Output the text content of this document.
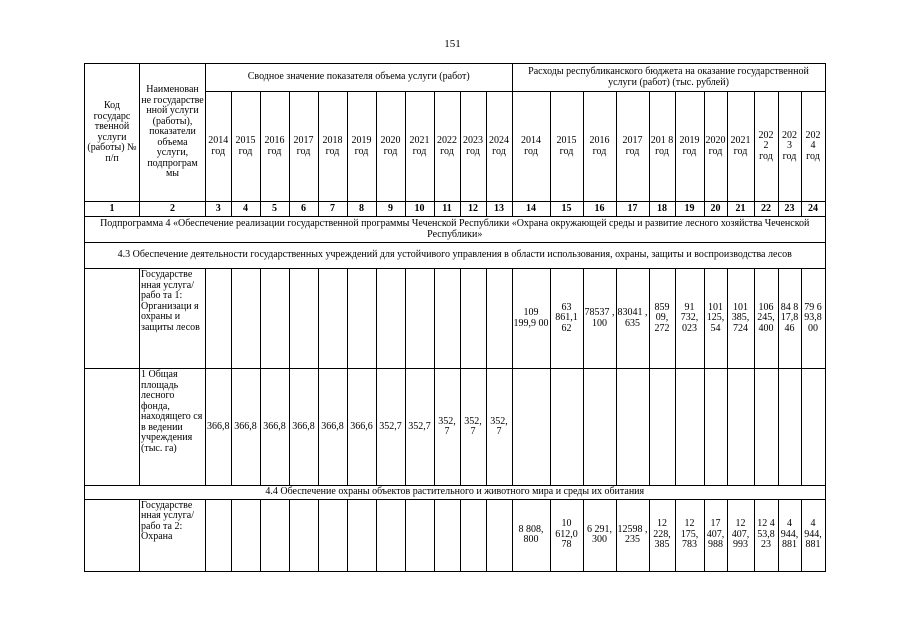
151
Код государс твенной услуги (работы) № п/п	Наименован не государстве нной услуги (работы), показатели объема услуги, подпрограм мы	Сводное значение показателя объема услуги (работ)											Расходы республиканского бюджета на оказание государственной услуги (работ) (тыс. рублей)										
		2014 год	2015 год	2016 год	2017 год	2018 год	2019 год	2020 год	2021 год	2022 год	2023 год	2024 год	2014 год	2015 год	2016 год	2017 год	201 8 год	2019 год	2020 год	2021 год	202 2 год	202 3 год	202 4 год
1	2	3	4	5	6	7	8	9	10	11	12	13	14	15	16	17	18	19	20	21	22	23	24
Подпрограмма 4 «Обеспечение реализации государственной программы Чеченской Республики «Охрана окружающей среды и развитие лесного хозяйства Чеченской Республики»																							
4.3 Обеспечение деятельности государственных учреждений для устойчивого управления в области использования, охраны, защиты и воспроизводства лесов																							
	Государстве нная услуга/рабо та 1: Организаци я охраны и защиты лесов												109 199,9 00	63 861,1 62	78537 , 100	83041 , 635	859 09, 272	91 732, 023	101 125, 54	101 385, 724	106 245, 400	84 8 17,8 46	79 6 93,8 00
	1 Общая площадь лесного фонда, находящего ся в ведении учреждения (тыс. га)	366,8	366,8	366,8	366,8	366,8	366,6	352,7	352,7	352, 7	352, 7	352, 7											
4.4 Обеспечение охраны объектов растительного и животного мира и среды их обитания																							
	Государстве нная услуга/рабо та 2: Охрана												8 808, 800	10 612,0 78	6 291, 300	12598 , 235	12 228, 385	12 175, 783	17 407, 988	12 407, 993	12 4 53,8 23	4 944, 881	4 944, 881
